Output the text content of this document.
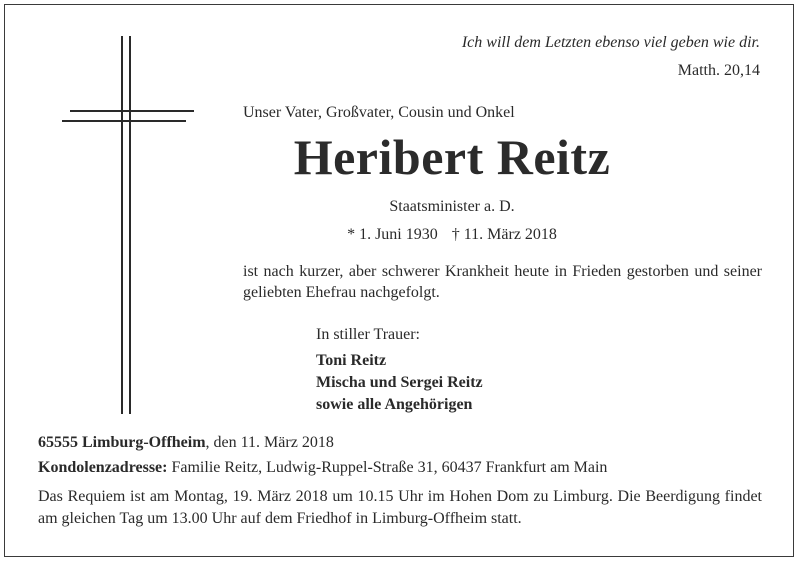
Ich will dem Letzten ebenso viel geben wie dir.
Matth. 20,14
Unser Vater, Großvater, Cousin und Onkel
Heribert Reitz
Staatsminister a. D.
* 1. Juni 1930 † 11. März 2018
ist nach kurzer, aber schwerer Krankheit heute in Frieden gestorben und seiner geliebten Ehefrau nachgefolgt.
In stiller Trauer:
Toni Reitz
Mischa und Sergei Reitz
sowie alle Angehörigen
65555 Limburg-Offheim, den 11. März 2018
Kondolenzadresse: Familie Reitz, Ludwig-Ruppel-Straße 31, 60437 Frankfurt am Main
Das Requiem ist am Montag, 19. März 2018 um 10.15 Uhr im Hohen Dom zu Limburg. Die Beerdigung findet am gleichen Tag um 13.00 Uhr auf dem Friedhof in Limburg-Offheim statt.
